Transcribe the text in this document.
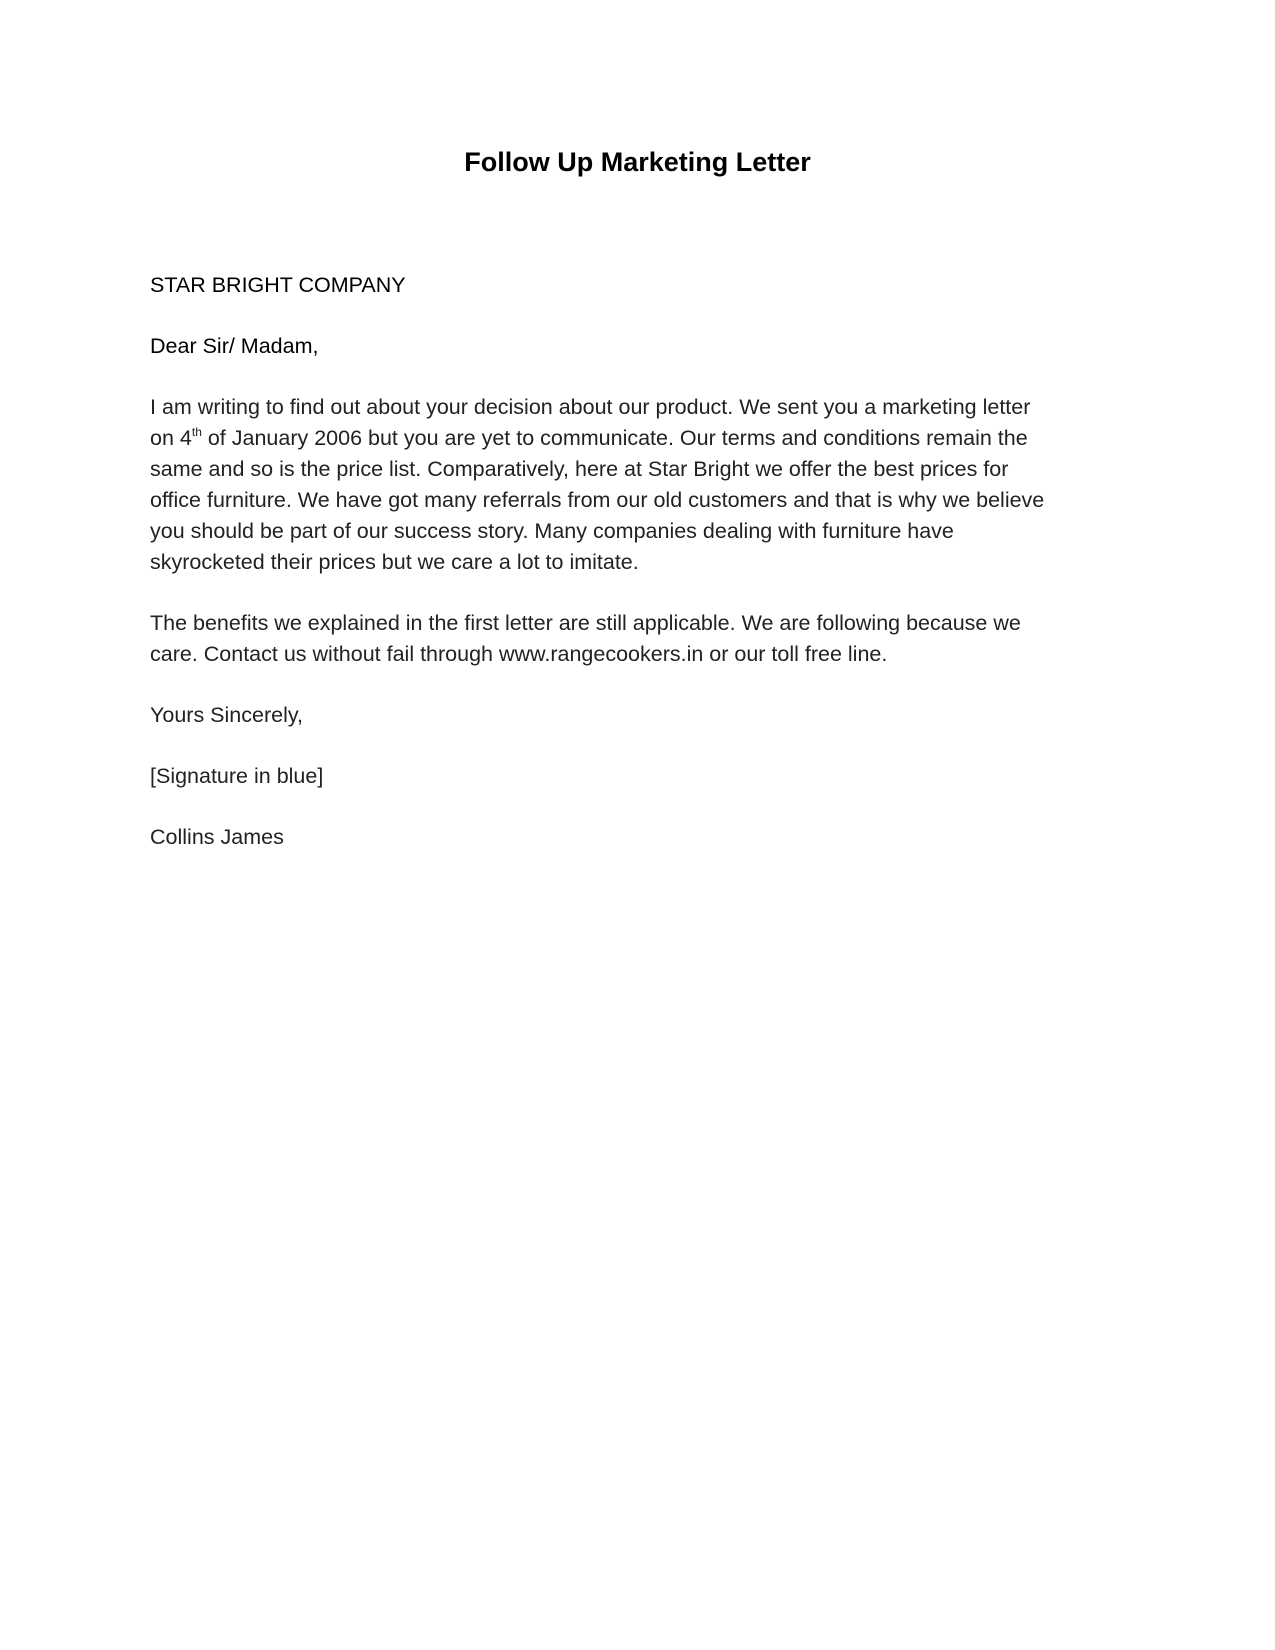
Follow Up Marketing Letter
STAR BRIGHT COMPANY
Dear Sir/ Madam,
I am writing to find out about your decision about our product. We sent you a marketing letter
on 4th of January 2006 but you are yet to communicate. Our terms and conditions remain the
same and so is the price list. Comparatively, here at Star Bright we offer the best prices for
office furniture. We have got many referrals from our old customers and that is why we believe
you should be part of our success story. Many companies dealing with furniture have
skyrocketed their prices but we care a lot to imitate.
The benefits we explained in the first letter are still applicable. We are following because we
care. Contact us without fail through www.rangecookers.in or our toll free line.
Yours Sincerely,
[Signature in blue]
Collins James
